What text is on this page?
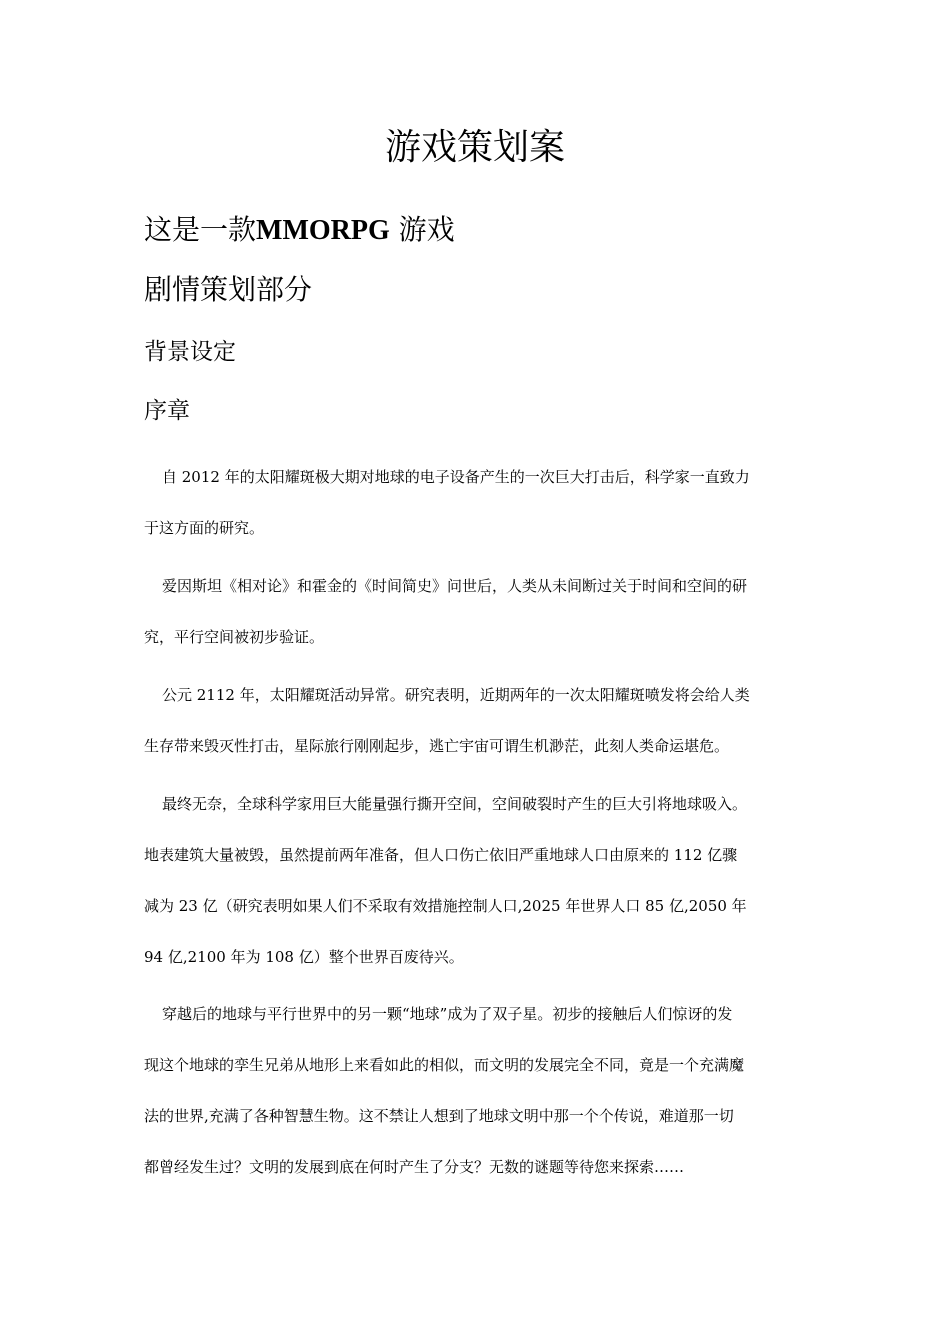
游戏策划案
这是一款MMORPG 游戏
剧情策划部分
背景设定
序章
自 2012 年的太阳耀斑极大期对地球的电子设备产生的一次巨大打击后，科学家一直致力
于这方面的研究。
爱因斯坦《相对论》和霍金的《时间简史》问世后，人类从未间断过关于时间和空间的研
究，平行空间被初步验证。
公元 2112 年，太阳耀斑活动异常。研究表明，近期两年的一次太阳耀斑喷发将会给人类
生存带来毁灭性打击，星际旅行刚刚起步，逃亡宇宙可谓生机渺茫，此刻人类命运堪危。
最终无奈，全球科学家用巨大能量强行撕开空间，空间破裂时产生的巨大引将地球吸入。
地表建筑大量被毁，虽然提前两年准备，但人口伤亡依旧严重地球人口由原来的 112 亿骤
减为 23 亿（研究表明如果人们不采取有效措施控制人口,2025 年世界人口 85 亿,2050 年
94 亿,2100 年为 108 亿）整个世界百废待兴。
穿越后的地球与平行世界中的另一颗“地球”成为了双子星。初步的接触后人们惊讶的发
现这个地球的孪生兄弟从地形上来看如此的相似，而文明的发展完全不同，竟是一个充满魔
法的世界,充满了各种智慧生物。这不禁让人想到了地球文明中那一个个传说，难道那一切
都曾经发生过？文明的发展到底在何时产生了分支？无数的谜题等待您来探索……
